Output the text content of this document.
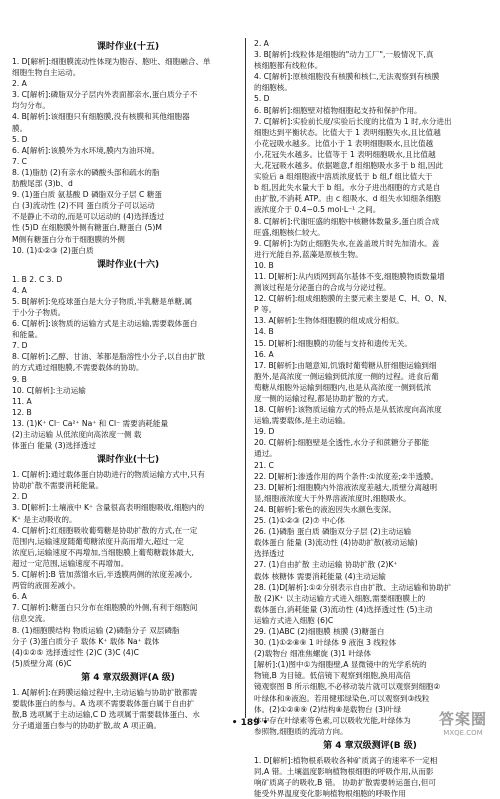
课时作业(十五)
1. D[解析]:细胞膜流动性体现为胞吞、胞吐、细胞融合、单
细胞生物自主运动。
2. A
3. C[解析]:磷脂双分子层内外表面都亲水,蛋白质分子不
均匀分布。
4. B[解析]:该细胞只有细胞膜,没有核膜和其他细胞器
膜。
5. D
6. A[解析]:该膜外为水环境,膜内为油环境。
7. C
8. (1)脂肪 (2)有亲水的磷酸头部和疏水的脂
肪酸尾部 (3)b、d
9. (1)蛋白质 氨基酸 D 磷脂双分子层 C 糖蛋
白 (3)流动性 (2)不同 蛋白质分子可以运动
不是静止不动的,而是可以运动的 (4)选择透过
性 (5)D 在细胞膜外侧有糖蛋白,糖蛋白 (5)M
M侧有糖蛋白分布于细胞膜的外侧
10. (1)①②③ (2)蛋白质
课时作业(十六)
1. B 2. C 3. D
4. A
5. B[解析]:免疫球蛋白是大分子物质,半乳糖是单糖,属
于小分子物质。
6. C[解析]:该物质的运输方式是主动运输,需要载体蛋白
和能量。
7. D
8. C[解析]:乙醇、甘油、苯都是脂溶性小分子,以自由扩散
的方式通过细胞膜,不需要载体的协助。
9. B
10. C[解析]:主动运输
11. A
12. B
13. (1)K⁺ Cl⁻ Ca²⁺ Na⁺ 和 Cl⁻ 需要消耗能量
(2)主动运输 从低浓度向高浓度一侧 载
体蛋白 能量 (3)选择透过
课时作业(十七)
1. C[解析]:通过载体蛋白协助进行的物质运输方式中,只有
协助扩散不需要消耗能量。
2. D
3. D[解析]:土壤液中 K⁺ 含量很高表明细胞吸收,细胞内的
K⁺ 是主动吸收的。
4. C[解析]:红细胞吸收葡萄糖是协助扩散的方式,在一定
范围内,运输速度随葡萄糖浓度升高而增大,超过一定
浓度后,运输速度不再增加,当细胞膜上葡萄糖载体最大,
超过一定范围,运输速度不再增加。
5. C[解析]:B 管加蒸馏水后,半透膜两侧的浓度差减小,
两管的液面差减小。
6. A
7. C[解析]:糖蛋白只分布在细胞膜的外侧,有利于细胞间
信息交流。
8. (1)细胞膜结构 物质运输 (2)磷脂分子 双层磷脂
分子 (3)蛋白质分子 载体 K⁺ 载体 Na⁺ 载体
(4)①②⑤ 选择透过性 (2)C (3)C (4)C
(5)质壁分离 (6)C
第 4 章双级测评(A 级)
1. A[解析]:在跨膜运输过程中,主动运输与协助扩散都需
要载体蛋白的参与。A 选项不需要载体蛋白属于自由扩
散,B 选项属于主动运输,C D 选项属于需要载体蛋白、水
分子通道蛋白参与的协助扩散,故 A 项正确。
2. A
3. B[解析]:线粒体是细胞的"动力工厂",一般情况下,真
核细胞都有线粒体。
4. C[解析]:原核细胞没有核膜和核仁,无法观察到有核膜
的细胞核。
5. D
6. B[解析]:细胞壁对植物细胞起支持和保护作用。
7. C[解析]:实验前长度/实验后长度的比值为 1 时,水分进出
细胞达到平衡状态。比值大于 1 表明细胞失水,且比值越
小花冠吸水越多。比值小于 1 表明细胞吸水,且比值越
小,花冠失水越多。比值等于 1 表明细胞吸水,且比值越
大,花冠吸水越多。依据题意,f 组细胞吸水多于 b 组,因此
实验后 a 组细胞液中溶质浓度低于 b 组,f 组比值大于
b 组,因此失水量大于 b 组。水分子进出细胞的方式是自
由扩散,不消耗 ATP。由 c 组吸水、d 组失水知细条细胞
液浓度介于 0.4~0.5 mol·L⁻¹ 之间。
8. C[解析]:代谢旺盛的细胞中核糖体数量多,蛋白质合成
旺盛,细胞核仁较大。
9. C[解析]:为防止细胞失水,在盖盖玻片时先加清水。盖
进行光能自养,蓝藻是原核生物。
10. B
11. D[解析]:从内质网到高尔基体不变,细胞膜物质数量增
测该过程是分泌蛋白的合成与分泌过程。
12. C[解析]:组成细胞膜的主要元素主要是 C、H、O、N、
P 等。
13. A[解析]:生物体细胞膜的组成成分相似。
14. B
15. D[解析]:细胞膜的功能与支持和遗传无关。
16. A
17. B[解析]:由题意知,饥饿时葡萄糖从肝细胞运输到细
胞外,是高浓度一侧运输到低浓度一侧的过程。进食后葡
萄糖从细胞外运输到细胞内,也是从高浓度一侧到低浓
度一侧的运输过程,都是协助扩散的方式。
18. C[解析]:该物质运输方式的特点是从低浓度向高浓度
运输,需要载体,是主动运输。
19. D
20. C[解析]:细胞壁是全透性,水分子和蔗糖分子都能
通过。
21. C
22. D[解析]:渗透作用的两个条件:①浓度差;②半透膜。
23. D[解析]:细胞膜内外溶液浓度差越大,质壁分离越明
显,细胞液浓度大于外界溶液浓度时,细胞吸水。
24. B[解析]:紫色的液泡因失水颜色变深。
25. (1)①②③ (2)⑦ 中心体
26. (1)磷脂 蛋白质 磷脂双分子层 (2)主动运输
载体蛋白 能量 (3)流动性 (4)协助扩散(被动运输)
选择透过
27. (1)自由扩散 主动运输 协助扩散 (2)K⁺
载体 核糖体 需要消耗能量 (4)主动运输
28. (1)D[解析]:①②分别表示自由扩散、主动运输和协助扩
散 (2)K⁺ 以主动运输方式进入细胞,需要细胞膜上的
载体蛋白,消耗能量 (3)流动性 (4)选择透过性 (5)主动
运输方式进入细胞 (6)C
29. (1)ABC (2)细胞膜 核膜 (3)糖蛋白
30. (1)①②⑧⑨ 1 叶绿体 9 液泡 3 线粒体
(2)载物台 细准焦螺旋 (3)1 叶绿体
[解析]:(1)图中①为细胞壁,A 显微镜中的光学系统的
物镜,B 为目镜。低倍镜下观察到细胞,换用高倍
镜观察图 B 所示细胞,不必移动装片就可以观察到细胞②
叶绿体和⑨液泡。若用健那绿染色,可以观察到③线粒
体。(2)①②⑧⑨ (2)结构⑧是载物台 (3)叶绿
体中存在叶绿素等色素,可以吸收光能,叶绿体为
参照物,细胞质的流动方向。
第 4 章双级测评(B 级)
1. D[解析]:植物根系吸收各种矿质离子的速率不一定相
同,A 错。土壤温度影响植物根细胞的呼吸作用,从而影
响矿质离子的吸收,B 错。 协助扩散需要转运蛋白,但可
能受外界温度变化影响植物根细胞的呼吸作用
• 189 •	答案圈
MXQE.COM
